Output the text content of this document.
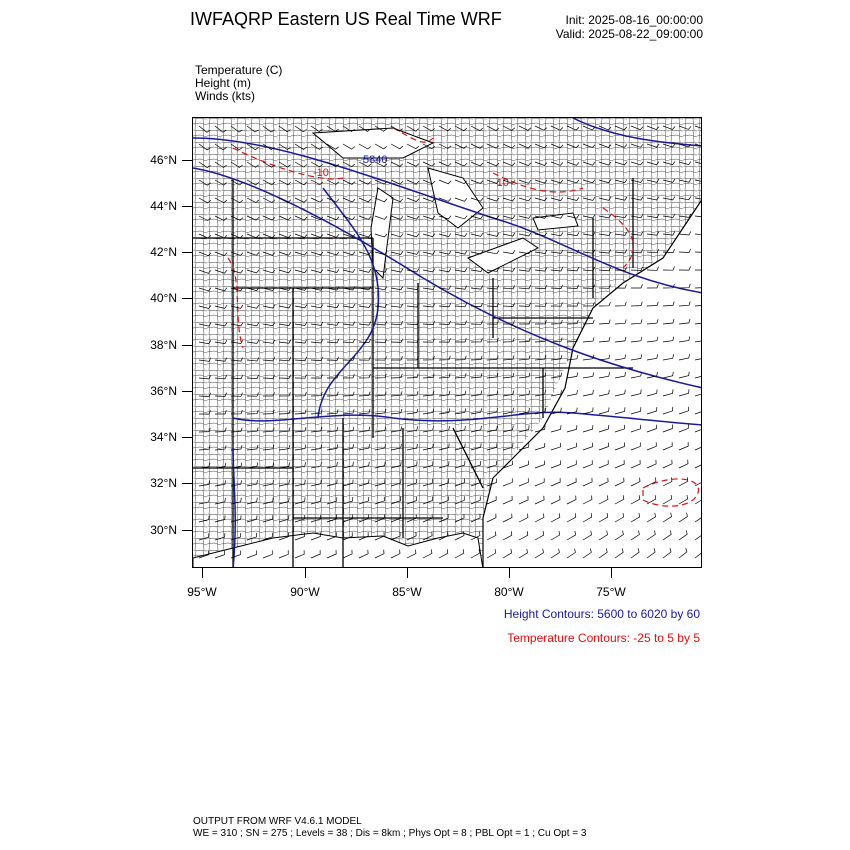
IWFAQRP Eastern US Real Time WRF	Init: 2025-08-16_00:00:00
Valid: 2025-08-22_09:00:00
Temperature (C)
Height (m)
Winds (kts)
5840
-10
-10
46°N
44°N
42°N
40°N
38°N
36°N
34°N
32°N
30°N
95°W	90°W	85°W	80°W	75°W
Height Contours: 5600 to 6020 by 60
Temperature Contours: -25 to 5 by 5
OUTPUT FROM WRF V4.6.1 MODEL
WE = 310 ; SN = 275 ; Levels = 38 ; Dis = 8km ; Phys Opt = 8 ; PBL Opt = 1 ; Cu Opt = 3
